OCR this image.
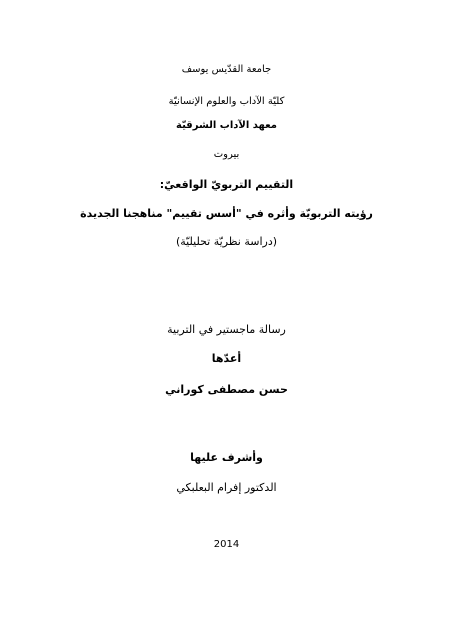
جامعة القدّيس يوسف
كليّة الآداب والعلوم الإنسانيّة
معهد الآداب الشرقيّة
بيروت
التقييم التربويّ الواقعيّ:
رؤيته التربويّة وأثره في "أسس تقييم" مناهجنا الجديدة
(دراسة نظريّة تحليليّة)
رسالة ماجستير في التربية
أعدّها
حسن مصطفى كوراني
وأشرف عليها
الدكتور إفرام البعلبكي
2014
